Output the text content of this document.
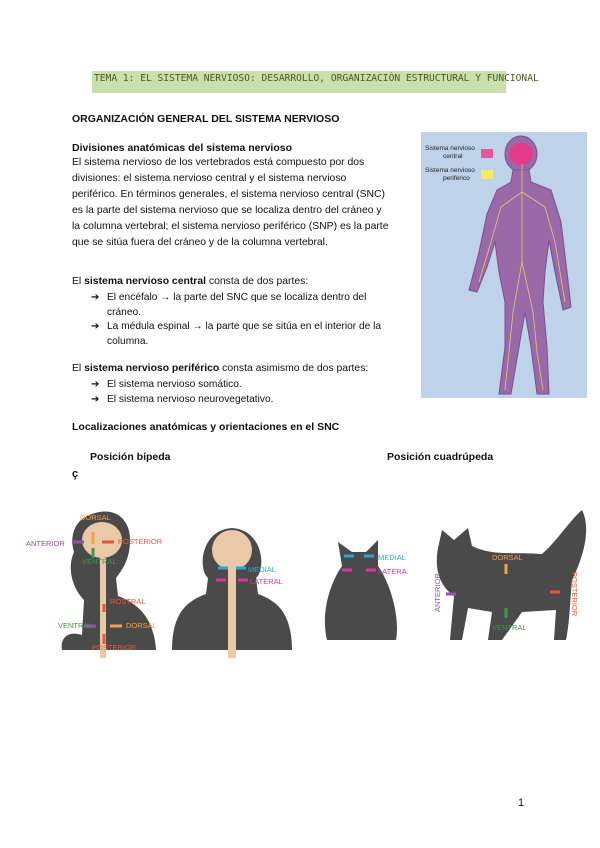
TEMA 1: EL SISTEMA NERVIOSO: DESARROLLO, ORGANIZACIÓN ESTRUCTURAL Y FUNCIONAL
ORGANIZACIÓN GENERAL DEL SISTEMA NERVIOSO
Divisiones anatómicas del sistema nervioso
El sistema nervioso de los vertebrados está compuesto por dos
divisiones: el sistema nervioso central y el sistema nervioso
periférico. En términos generales, el sistema nervioso central (SNC)
es la parte del sistema nervioso que se localiza dentro del cráneo y
la columna vertebral; el sistema nervioso periférico (SNP) es la parte
que se sitúa fuera del cráneo y de la columna vertebral.
El sistema nervioso central consta de dos partes:
➔ El encéfalo → la parte del SNC que se localiza dentro del
cráneo.
➔ La médula espinal → la parte que se sitúa en el interior de la
columna.
El sistema nervioso periférico consta asimismo de dos partes:
➔ El sistema nervioso somático.
➔ El sistema nervioso neurovegetativo.
Localizaciones anatómicas y orientaciones en el SNC
Posición bípeda	Posición cuadrúpeda
ç
Sistema nervioso
central
Sistema nervioso
periférico
DORSAL
ANTERIOR	POSTERIOR
VENTRAL
ROSTRAL
VENTRAL	DORSAL
POSTERIOR
MEDIAL
LATERAL
MEDIAL
LATERA
DORSAL
VENTRAL
ANTERIOR	POSTERIOR
1
